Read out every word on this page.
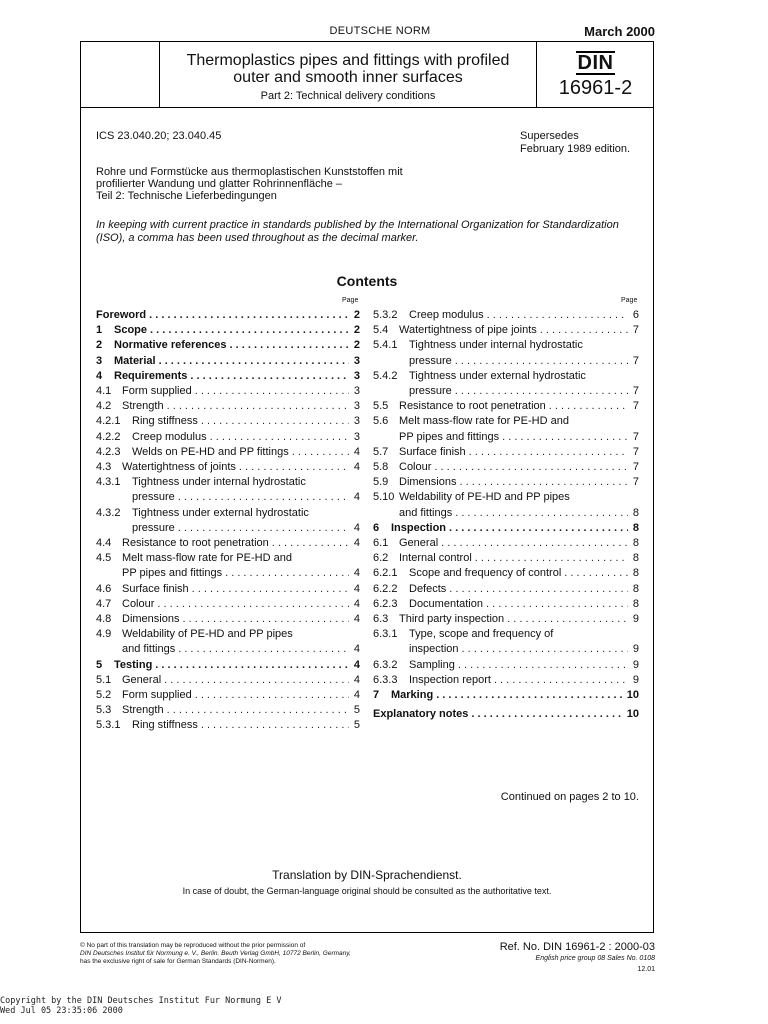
DEUTSCHE NORM	March 2000
Thermoplastics pipes and fittings with profiled
outer and smooth inner surfaces
Part 2: Technical delivery conditions
DIN
16961-2
ICS 23.040.20; 23.040.45	Supersedes
February 1989 edition.
Rohre und Formstücke aus thermoplastischen Kunststoffen mit
profilierter Wandung und glatter Rohrinnenfläche –
Teil 2: Technische Lieferbedingungen
In keeping with current practice in standards published by the International Organization for Standardization
(ISO), a comma has been used throughout as the decimal marker.
Contents
Page	Page
Foreword . . .	2
1	Scope . . .	2
2	Normative references . . .	2
3	Material . . .	3
4	Requirements . . .	3
4.1 Form supplied . . .	3
4.2 Strength . . .	3
4.2.1	Ring stiffness . . .	3
4.2.2	Creep modulus . . .	3
4.2.3	Welds on PE-HD and PP fittings . . .	4
4.3 Watertightness of joints . . .	4
4.3.1	Tightness under internal hydrostatic
pressure . . .	4
4.3.2	Tightness under external hydrostatic
pressure . . .	4
4.4 Resistance to root penetration . . .	4
4.5 Melt mass-flow rate for PE-HD and
PP pipes and fittings . . .	4
4.6 Surface finish . . .	4
4.7 Colour . . .	4
4.8 Dimensions . . .	4
4.9 Weldability of PE-HD and PP pipes
and fittings . . .	4
5	Testing . . .	4
5.1 General . . .	4
5.2 Form supplied . . .	4
5.3 Strength . . .	5
5.3.1	Ring stiffness . . .	5
5.3.2	Creep modulus . . .	6
5.4 Watertightness of pipe joints . . .	7
5.4.1	Tightness under internal hydrostatic
pressure . . .	7
5.4.2	Tightness under external hydrostatic
pressure . . .	7
5.5 Resistance to root penetration . . .	7
5.6 Melt mass-flow rate for PE-HD and
PP pipes and fittings . . .	7
5.7 Surface finish . . .	7
5.8 Colour . . .	7
5.9 Dimensions . . .	7
5.10 Weldability of PE-HD and PP pipes
and fittings . . .	8
6	Inspection . . .	8
6.1 General . . .	8
6.2 Internal control . . .	8
6.2.1	Scope and frequency of control . . .	8
6.2.2	Defects . . .	8
6.2.3	Documentation . . .	8
6.3 Third party inspection . . .	9
6.3.1	Type, scope and frequency of
inspection . . .	9
6.3.2	Sampling . . .	9
6.3.3	Inspection report . . .	9
7	Marking . . .	10
Explanatory notes . . .	10
Continued on pages 2 to 10.
Translation by DIN-Sprachendienst.
In case of doubt, the German-language original should be consulted as the authoritative text.
© No part of this translation may be reproduced without the prior permission of
DIN Deutsches Institut für Normung e. V., Berlin. Beuth Verlag GmbH, 10772 Berlin, Germany,
has the exclusive right of sale for German Standards (DIN-Normen).
Ref. No. DIN 16961-2 : 2000-03
English price group 08 Sales No. 0108
12.01
Copyright by the DIN Deutsches Institut Fur Normung E V
Wed Jul 05 23:35:06 2000
